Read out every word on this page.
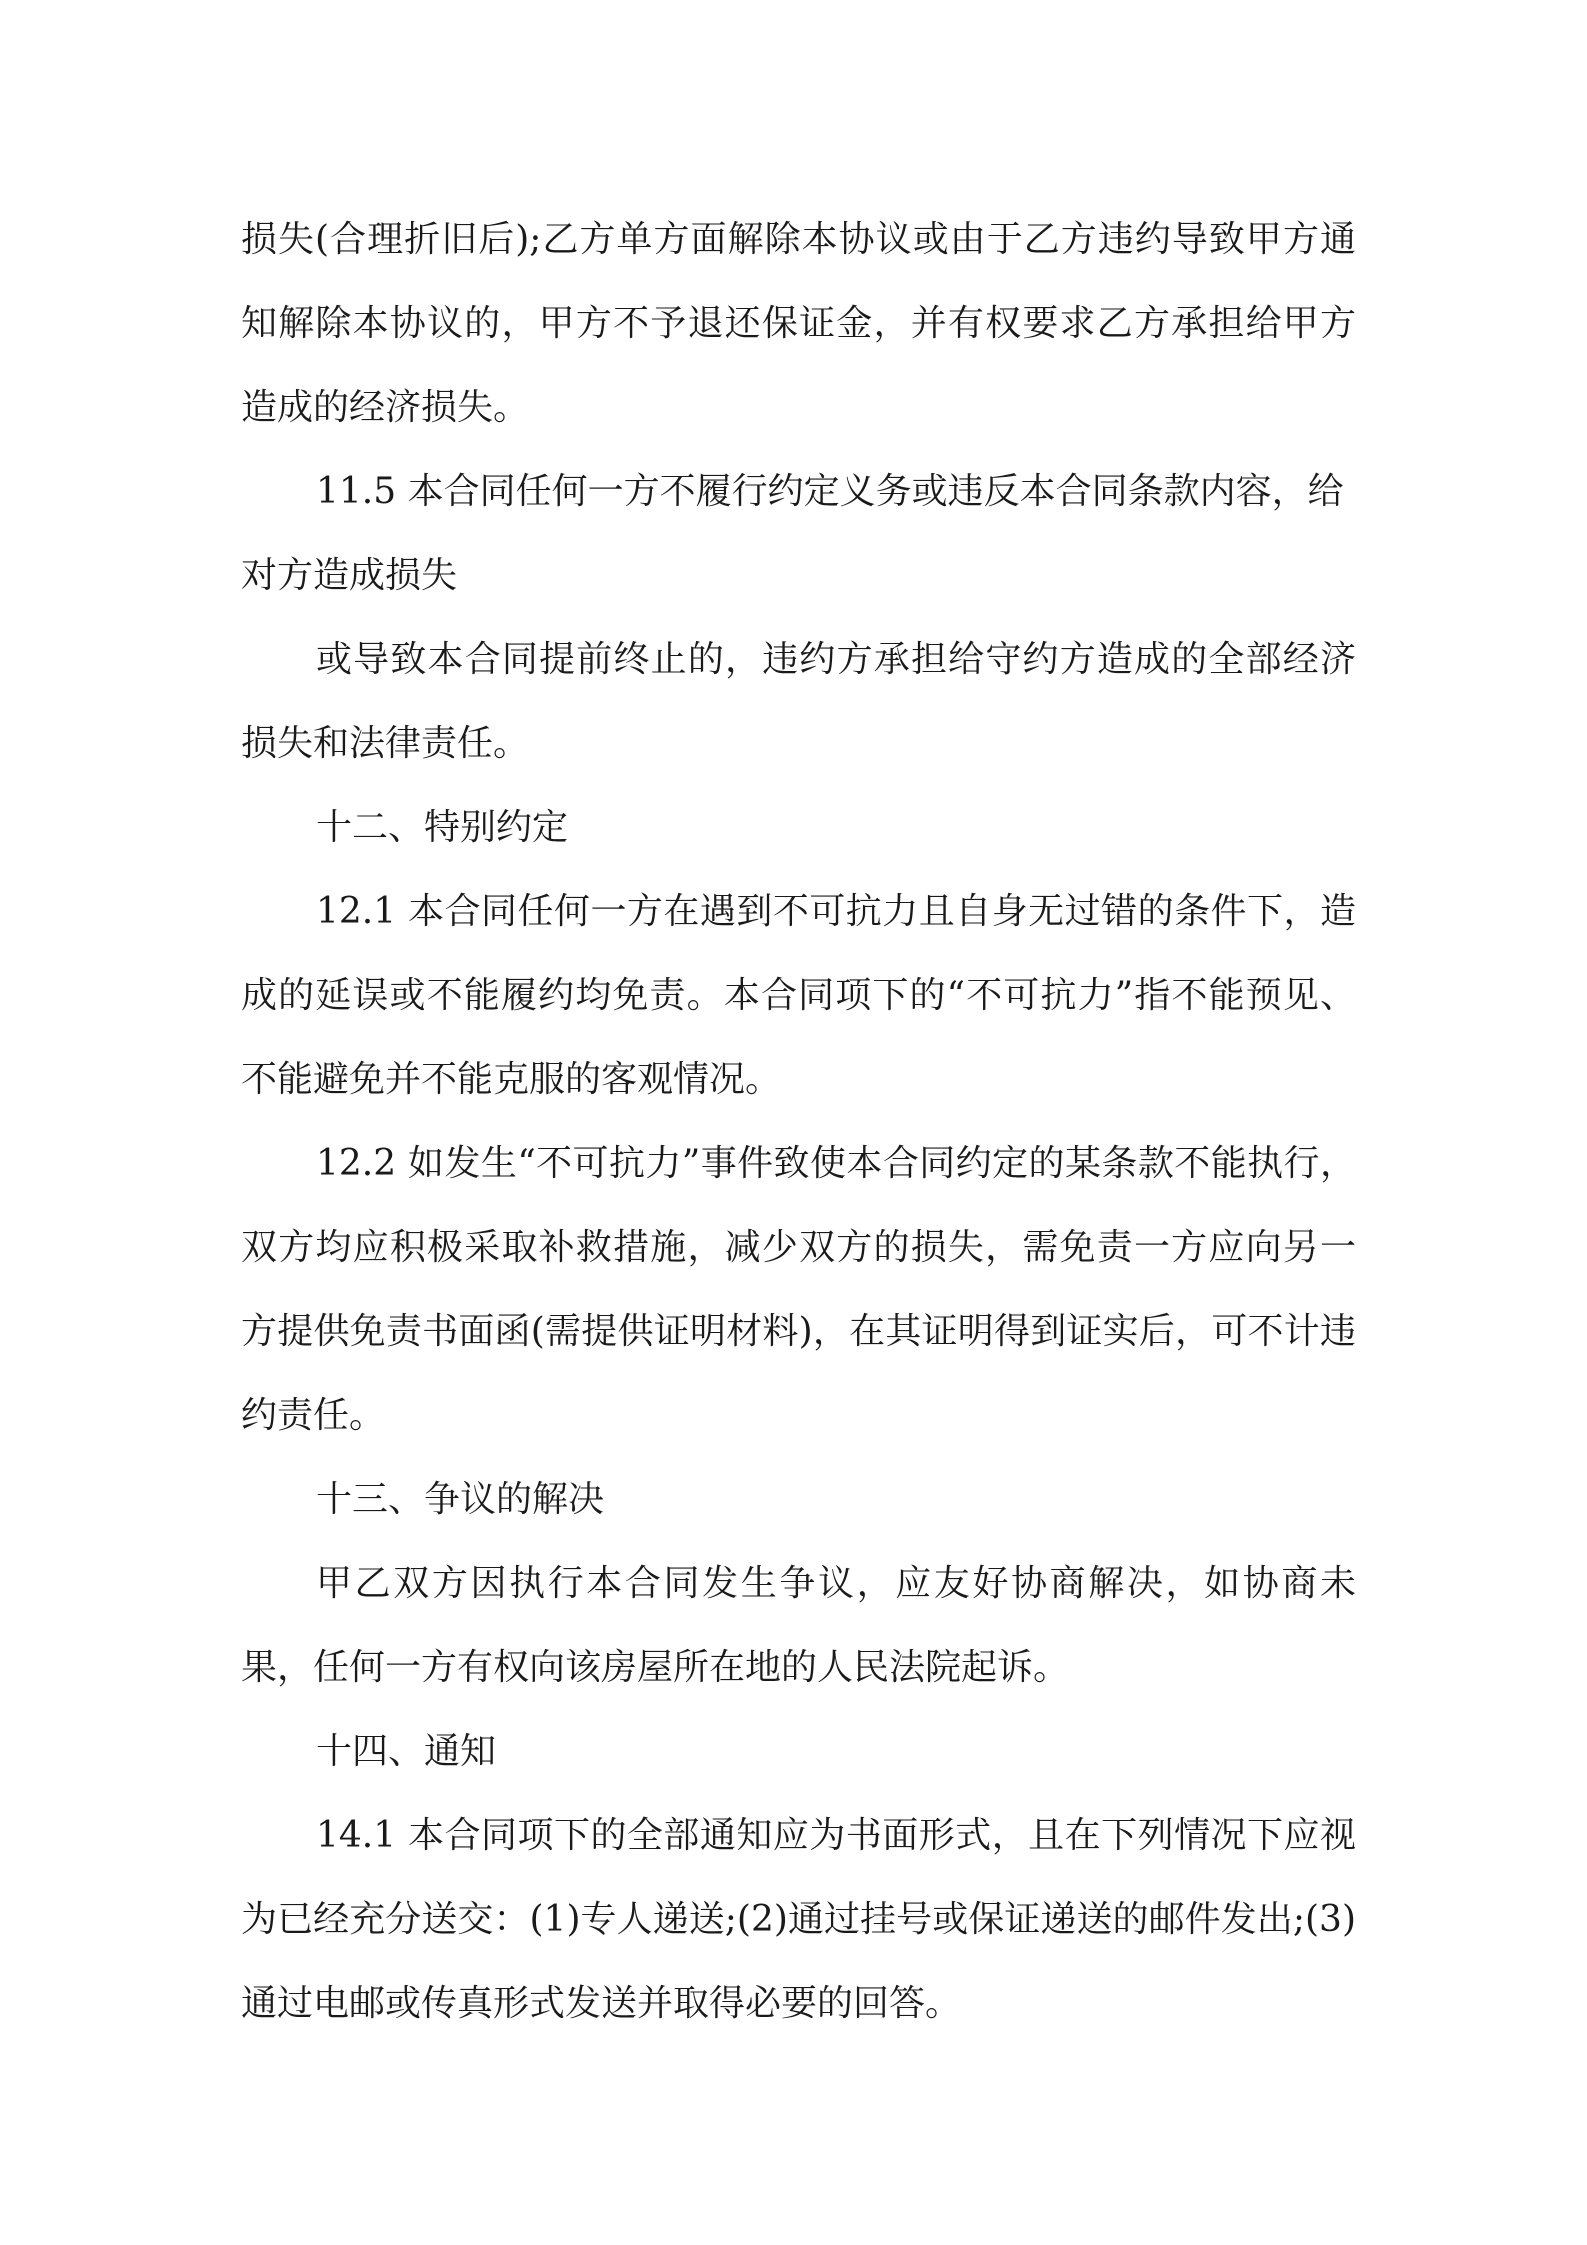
损失(合理折旧后);乙方单方面解除本协议或由于乙方违约导致甲方通知解除本协议的，甲方不予退还保证金，并有权要求乙方承担给甲方造成的经济损失。

11.5 本合同任何一方不履行约定义务或违反本合同条款内容，给

对方造成损失

或导致本合同提前终止的，违约方承担给守约方造成的全部经济损失和法律责任。

十二、特别约定

12.1 本合同任何一方在遇到不可抗力且自身无过错的条件下，造成的延误或不能履约均免责。本合同项下的“不可抗力”指不能预见、不能避免并不能克服的客观情况。

12.2 如发生“不可抗力”事件致使本合同约定的某条款不能执行，双方均应积极采取补救措施，减少双方的损失，需免责一方应向另一方提供免责书面函(需提供证明材料)，在其证明得到证实后，可不计违约责任。

十三、争议的解决

甲乙双方因执行本合同发生争议，应友好协商解决，如协商未果，任何一方有权向该房屋所在地的人民法院起诉。

十四、通知

14.1 本合同项下的全部通知应为书面形式，且在下列情况下应视为已经充分送交：(1)专人递送;(2)通过挂号或保证递送的邮件发出;(3)通过电邮或传真形式发送并取得必要的回答。
